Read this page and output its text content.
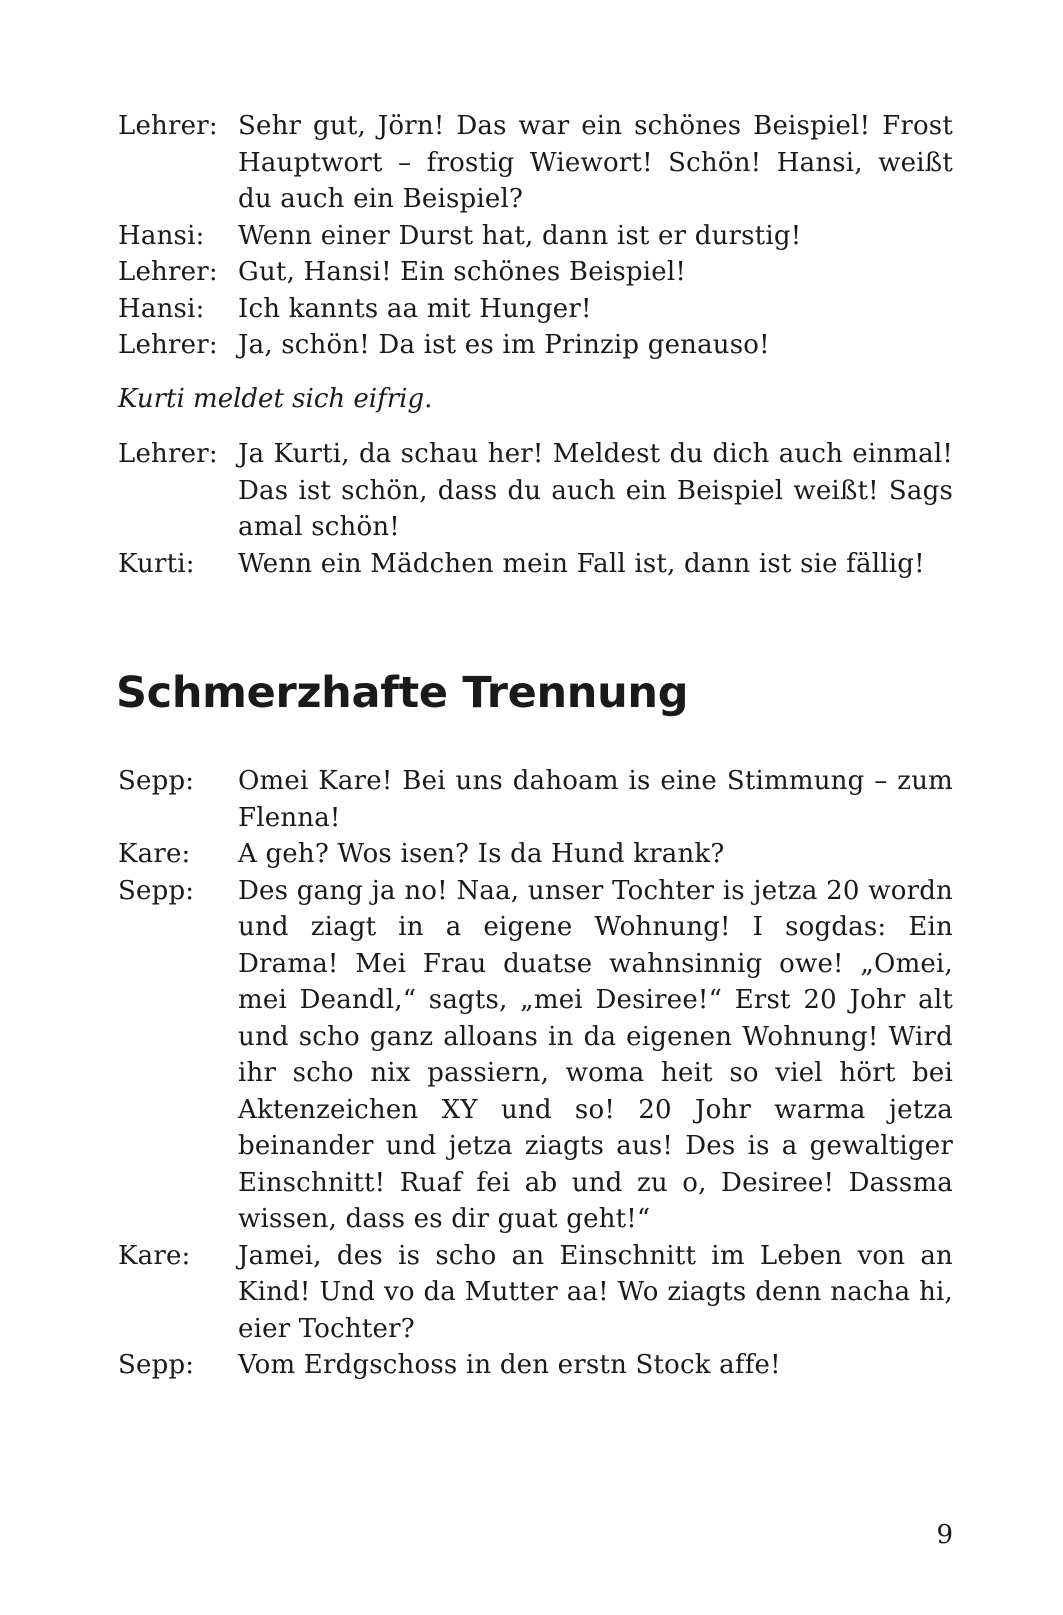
Lehrer: Sehr gut, Jörn! Das war ein schönes Beispiel! Frost Hauptwort – frostig Wiewort! Schön! Hansi, weißt du auch ein Beispiel?
Hansi:	Wenn einer Durst hat, dann ist er durstig!
Lehrer: Gut, Hansi! Ein schönes Beispiel!
Hansi:	Ich kannts aa mit Hunger!
Lehrer: Ja, schön! Da ist es im Prinzip genauso!
Kurti meldet sich eifrig.
Lehrer: Ja Kurti, da schau her! Meldest du dich auch einmal! Das ist schön, dass du auch ein Beispiel weißt! Sags amal schön!
Kurti:	Wenn ein Mädchen mein Fall ist, dann ist sie fällig!
Schmerzhafte Trennung
Sepp:	Omei Kare! Bei uns dahoam is eine Stimmung – zum Flenna!
Kare:	A geh? Wos isen? Is da Hund krank?
Sepp:	Des gang ja no! Naa, unser Tochter is jetza 20 wordn und ziagt in a eigene Wohnung! I sogdas: Ein Drama! Mei Frau duatse wahnsinnig owe! „Omei, mei Deandl,“ sagts, „mei Desiree!“ Erst 20 Johr alt und scho ganz alloans in da eigenen Wohnung! Wird ihr scho nix passiern, woma heit so viel hört bei Aktenzeichen XY und so! 20 Johr warma jetza beinander und jetza ziagts aus! Des is a gewaltiger Einschnitt! Ruaf fei ab und zu o, Desiree! Dassma wissen, dass es dir guat geht!“
Kare:	Jamei, des is scho an Einschnitt im Leben von an Kind! Und vo da Mutter aa! Wo ziagts denn nacha hi, eier Tochter?
Sepp:	Vom Erdgschoss in den erstn Stock affe!
9
